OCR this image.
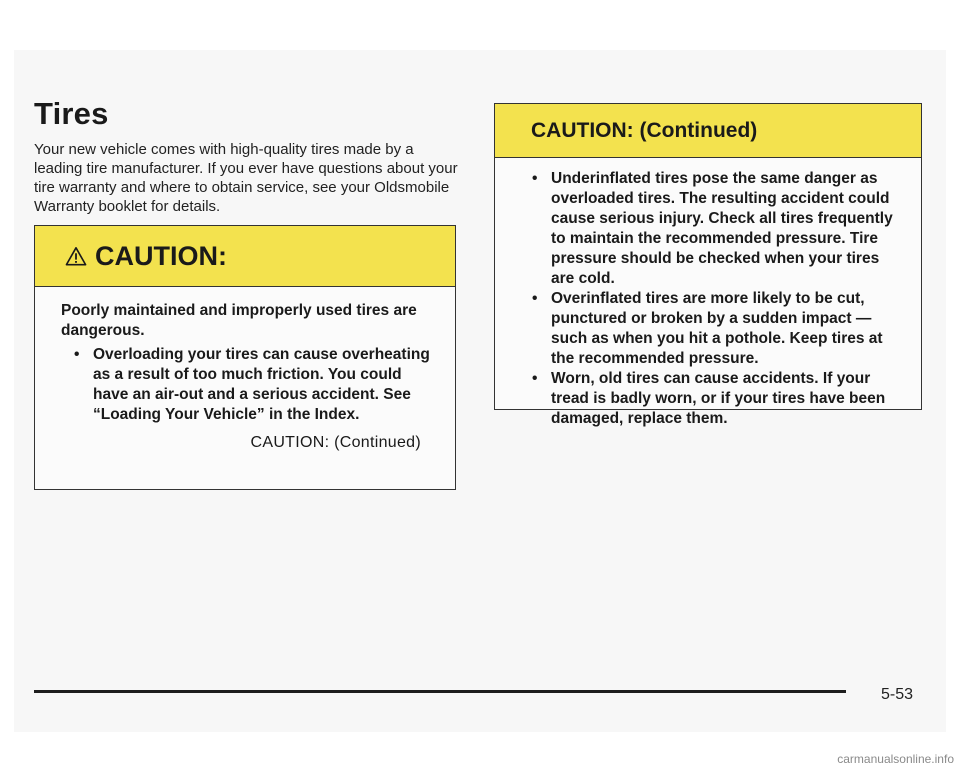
Tires

Your new vehicle comes with high-quality tires made by a leading tire manufacturer. If you ever have questions about your tire warranty and where to obtain service, see your Oldsmobile Warranty booklet for details.

CAUTION:

Poorly maintained and improperly used tires are dangerous.

• Overloading your tires can cause overheating as a result of too much friction. You could have an air-out and a serious accident. See “Loading Your Vehicle” in the Index.
CAUTION: (Continued)
CAUTION: (Continued)
• Underinflated tires pose the same danger as overloaded tires. The resulting accident could cause serious injury. Check all tires frequently to maintain the recommended pressure. Tire pressure should be checked when your tires are cold.
• Overinflated tires are more likely to be cut, punctured or broken by a sudden impact — such as when you hit a pothole. Keep tires at the recommended pressure.
• Worn, old tires can cause accidents. If your tread is badly worn, or if your tires have been damaged, replace them.
5-53
carmanualsonline.info
